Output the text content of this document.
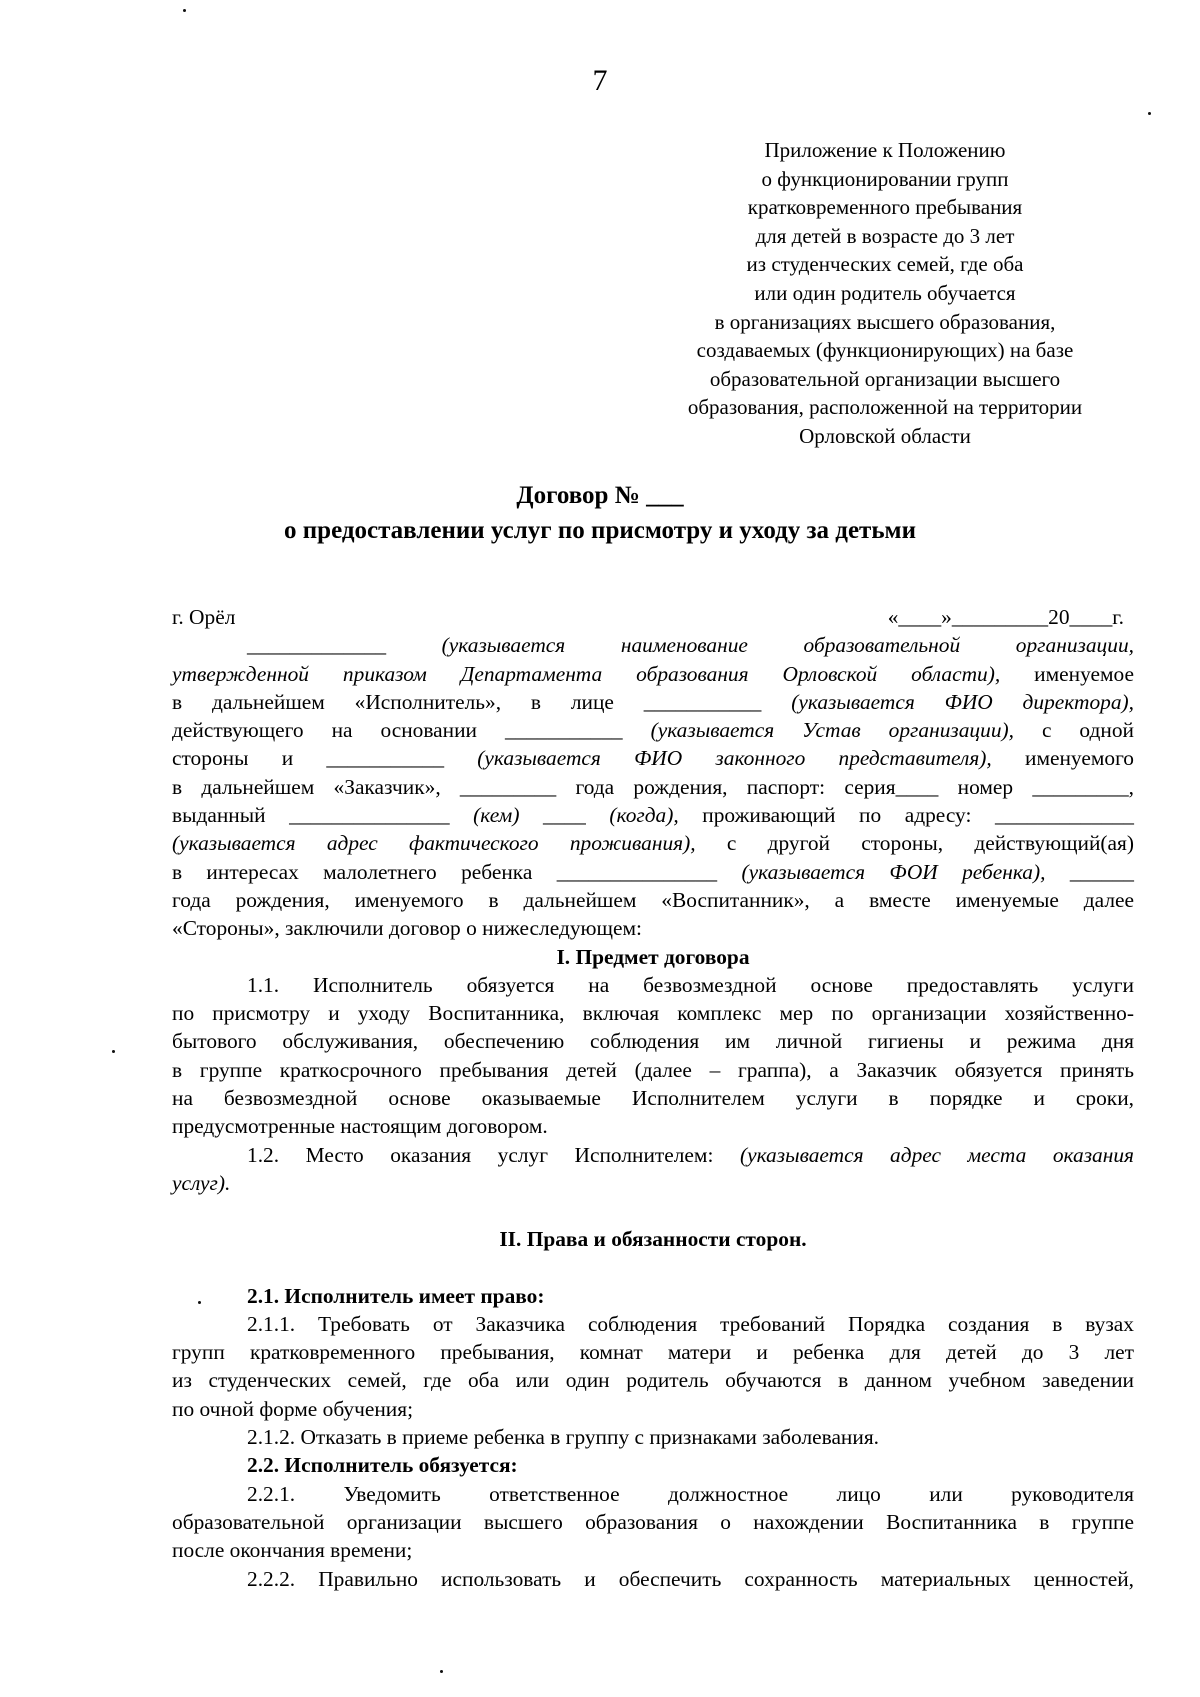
7
Приложение к Положению
о функционировании групп
кратковременного пребывания
для детей в возрасте до 3 лет
из студенческих семей, где оба
или один родитель обучается
в организациях высшего образования,
создаваемых (функционирующих) на базе
образовательной организации высшего
образования, расположенной на территории
Орловской области
Договор № ___
о предоставлении услуг по присмотру и уходу за детьми
г. Орёл	«____»_________20____г.
_____________	(указывается наименование образовательной организации,
утвержденной приказом Департамента образования Орловской области), именуемое
в дальнейшем «Исполнитель», в лице ___________ (указывается ФИО директора),
действующего на основании ___________ (указывается Устав организации), с одной
стороны и ___________ (указывается ФИО законного представителя), именуемого
в дальнейшем «Заказчик», _________ года рождения, паспорт: серия____ номер _________,
выданный _______________ (кем) ____ (когда), проживающий по адресу: _____________
(указывается адрес фактического проживания), с другой стороны, действующий(ая)
в интересах малолетнего ребенка _______________ (указывается ФОИ ребенка), ______
года рождения, именуемого в дальнейшем «Воспитанник», а вместе именуемые далее
«Стороны», заключили договор о нижеследующем:
I. Предмет договора
1.1. Исполнитель обязуется на безвозмездной основе предоставлять услуги
по присмотру и уходу Воспитанника, включая комплекс мер по организации хозяйственно-
бытового обслуживания, обеспечению соблюдения им личной гигиены и режима дня
в группе краткосрочного пребывания детей (далее – граппа), а Заказчик обязуется принять
на безвозмездной основе оказываемые Исполнителем услуги в порядке и сроки,
предусмотренные настоящим договором.
1.2. Место оказания услуг Исполнителем: (указывается адрес места оказания
услуг).
II. Права и обязанности сторон.
2.1. Исполнитель имеет право:
2.1.1. Требовать от Заказчика соблюдения требований Порядка создания в вузах
групп кратковременного пребывания, комнат матери и ребенка для детей до 3 лет
из студенческих семей, где оба или один родитель обучаются в данном учебном заведении
по очной форме обучения;
2.1.2. Отказать в приеме ребенка в группу с признаками заболевания.
2.2. Исполнитель обязуется:
2.2.1. Уведомить ответственное должностное лицо или руководителя
образовательной организации высшего образования о нахождении Воспитанника в группе
после окончания времени;
2.2.2. Правильно использовать и обеспечить сохранность материальных ценностей,
